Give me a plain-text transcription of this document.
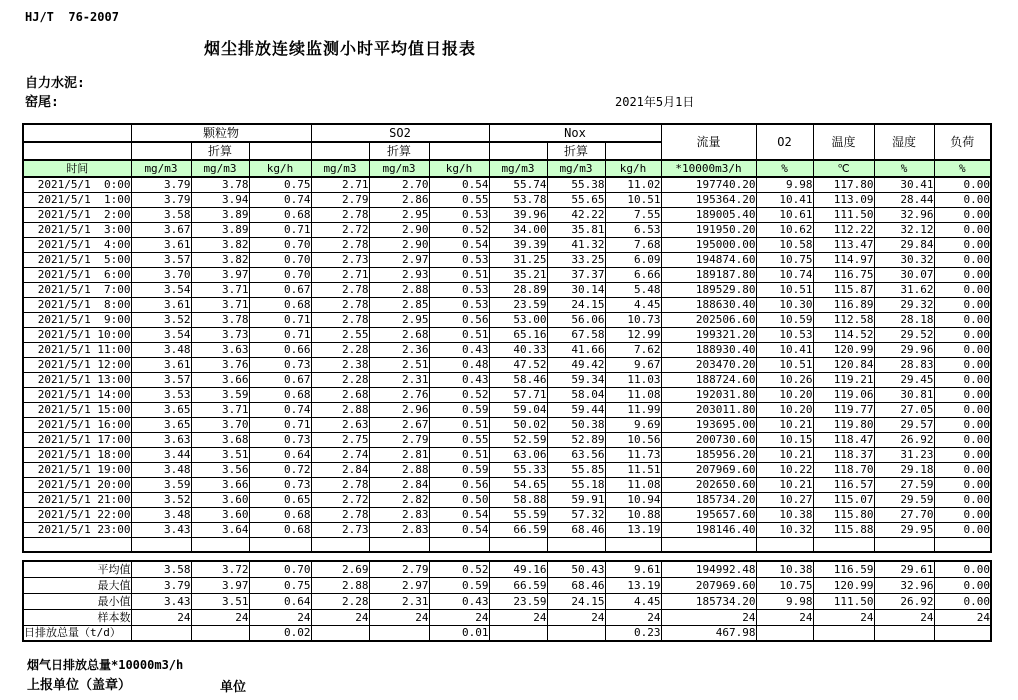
HJ/T  76-2007
烟尘排放连续监测小时平均值日报表
自力水泥:
窑尾:	2021年5月1日
	颗粒物			SO2			Nox			流量	O2	温度	湿度	负荷
		折算			折算			折算						
时间	mg/m3	mg/m3	kg/h	mg/m3	mg/m3	kg/h	mg/m3	mg/m3	kg/h	*10000m3/h	%	℃	%	%
2021/5/1  0:00	3.79	3.78	0.75	2.71	2.70	0.54	55.74	55.38	11.02	197740.20	9.98	117.80	30.41	0.00
2021/5/1  1:00	3.79	3.94	0.74	2.79	2.86	0.55	53.78	55.65	10.51	195364.20	10.41	113.09	28.44	0.00
2021/5/1  2:00	3.58	3.89	0.68	2.78	2.95	0.53	39.96	42.22	7.55	189005.40	10.61	111.50	32.96	0.00
2021/5/1  3:00	3.67	3.89	0.71	2.72	2.90	0.52	34.00	35.81	6.53	191950.20	10.62	112.22	32.12	0.00
2021/5/1  4:00	3.61	3.82	0.70	2.78	2.90	0.54	39.39	41.32	7.68	195000.00	10.58	113.47	29.84	0.00
2021/5/1  5:00	3.57	3.82	0.70	2.73	2.97	0.53	31.25	33.25	6.09	194874.60	10.75	114.97	30.32	0.00
2021/5/1  6:00	3.70	3.97	0.70	2.71	2.93	0.51	35.21	37.37	6.66	189187.80	10.74	116.75	30.07	0.00
2021/5/1  7:00	3.54	3.71	0.67	2.78	2.88	0.53	28.89	30.14	5.48	189529.80	10.51	115.87	31.62	0.00
2021/5/1  8:00	3.61	3.71	0.68	2.78	2.85	0.53	23.59	24.15	4.45	188630.40	10.30	116.89	29.32	0.00
2021/5/1  9:00	3.52	3.78	0.71	2.78	2.95	0.56	53.00	56.06	10.73	202506.60	10.59	112.58	28.18	0.00
2021/5/1 10:00	3.54	3.73	0.71	2.55	2.68	0.51	65.16	67.58	12.99	199321.20	10.53	114.52	29.52	0.00
2021/5/1 11:00	3.48	3.63	0.66	2.28	2.36	0.43	40.33	41.66	7.62	188930.40	10.41	120.99	29.96	0.00
2021/5/1 12:00	3.61	3.76	0.73	2.38	2.51	0.48	47.52	49.42	9.67	203470.20	10.51	120.84	28.83	0.00
2021/5/1 13:00	3.57	3.66	0.67	2.28	2.31	0.43	58.46	59.34	11.03	188724.60	10.26	119.21	29.45	0.00
2021/5/1 14:00	3.53	3.59	0.68	2.68	2.76	0.52	57.71	58.04	11.08	192031.80	10.20	119.06	30.81	0.00
2021/5/1 15:00	3.65	3.71	0.74	2.88	2.96	0.59	59.04	59.44	11.99	203011.80	10.20	119.77	27.05	0.00
2021/5/1 16:00	3.65	3.70	0.71	2.63	2.67	0.51	50.02	50.38	9.69	193695.00	10.21	119.80	29.57	0.00
2021/5/1 17:00	3.63	3.68	0.73	2.75	2.79	0.55	52.59	52.89	10.56	200730.60	10.15	118.47	26.92	0.00
2021/5/1 18:00	3.44	3.51	0.64	2.74	2.81	0.51	63.06	63.56	11.73	185956.20	10.21	118.37	31.23	0.00
2021/5/1 19:00	3.48	3.56	0.72	2.84	2.88	0.59	55.33	55.85	11.51	207969.60	10.22	118.70	29.18	0.00
2021/5/1 20:00	3.59	3.66	0.73	2.78	2.84	0.56	54.65	55.18	11.08	202650.60	10.21	116.57	27.59	0.00
2021/5/1 21:00	3.52	3.60	0.65	2.72	2.82	0.50	58.88	59.91	10.94	185734.20	10.27	115.07	29.59	0.00
2021/5/1 22:00	3.48	3.60	0.68	2.78	2.83	0.54	55.59	57.32	10.88	195657.60	10.38	115.80	27.70	0.00
2021/5/1 23:00	3.43	3.64	0.68	2.73	2.83	0.54	66.59	68.46	13.19	198146.40	10.32	115.88	29.95	0.00

平均值	3.58	3.72	0.70	2.69	2.79	0.52	49.16	50.43	9.61	194992.48	10.38	116.59	29.61	0.00
最大值	3.79	3.97	0.75	2.88	2.97	0.59	66.59	68.46	13.19	207969.60	10.75	120.99	32.96	0.00
最小值	3.43	3.51	0.64	2.28	2.31	0.43	23.59	24.15	4.45	185734.20	9.98	111.50	26.92	0.00
样本数	24	24	24	24	24	24	24	24	24	24	24	24	24	24
日排放总量（t/d）			0.02			0.01			0.23	467.98				
烟气日排放总量*10000m3/h
上报单位（盖章）	单位
